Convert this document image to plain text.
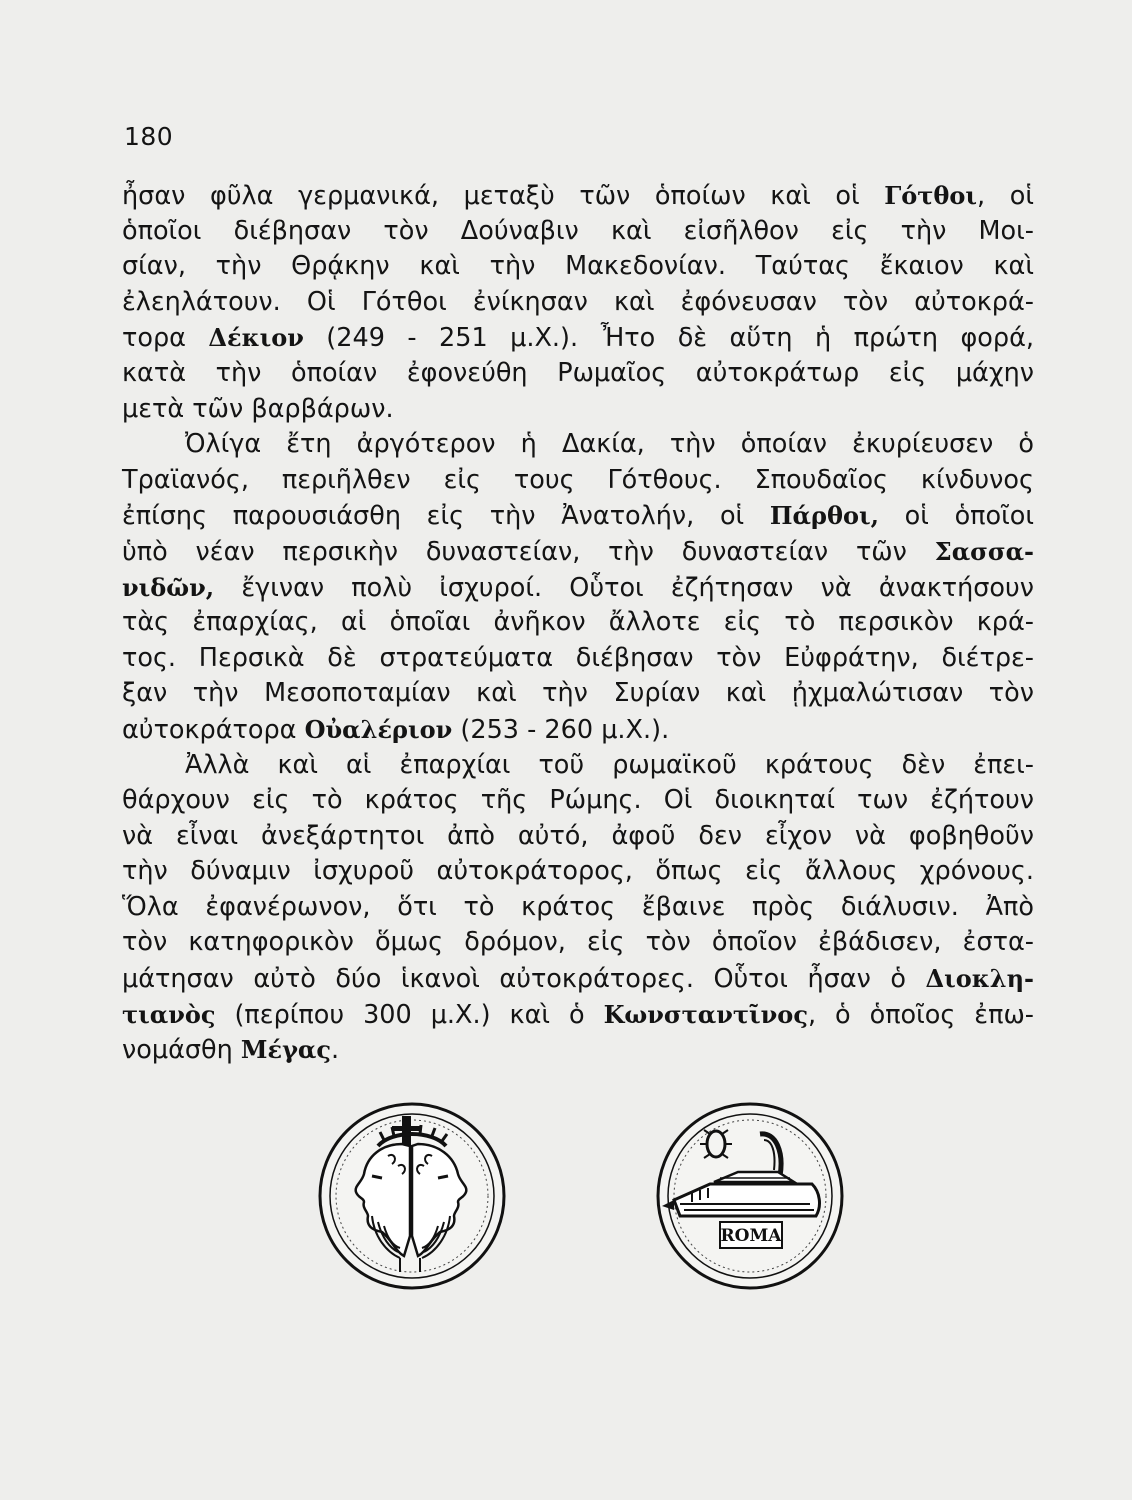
180
ἦσαν φῦλα γερμανικά, μεταξὺ τῶν ὁποίων καὶ οἱ Γότθοι, οἱ
ὁποῖοι διέβησαν τὸν Δούναβιν καὶ εἰσῆλθον εἰς τὴν Μοι-
σίαν, τὴν Θρᾴκην καὶ τὴν Μακεδονίαν. Ταύτας ἔκαιον καὶ
ἐλεηλάτουν. Οἱ Γότθοι ἐνίκησαν καὶ ἐφόνευσαν τὸν αὐτοκρά-
τορα Δέκιον (249 - 251 μ.Χ.). Ἦτο δὲ αὕτη ἡ πρώτη φορά,
κατὰ τὴν ὁποίαν ἐφονεύθη Ρωμαῖος αὐτοκράτωρ εἰς μάχην
μετὰ τῶν βαρβάρων.
Ὀλίγα ἔτη ἀργότερον ἡ Δακία, τὴν ὁποίαν ἐκυρίευσεν ὁ
Τραϊανός, περιῆλθεν εἰς τους Γότθους. Σπουδαῖος κίνδυνος
ἐπίσης παρουσιάσθη εἰς τὴν Ἀνατολήν, οἱ Πάρθοι, οἱ ὁποῖοι
ὑπὸ νέαν περσικὴν δυναστείαν, τὴν δυναστείαν τῶν Σασσα-
νιδῶν, ἔγιναν πολὺ ἰσχυροί. Οὗτοι ἐζήτησαν νὰ ἀνακτήσουν
τὰς ἐπαρχίας, αἱ ὁποῖαι ἀνῆκον ἄλλοτε εἰς τὸ περσικὸν κρά-
τος. Περσικὰ δὲ στρατεύματα διέβησαν τὸν Εὐφράτην, διέτρε-
ξαν τὴν Μεσοποταμίαν καὶ τὴν Συρίαν καὶ ᾐχμαλώτισαν τὸν
αὐτοκράτορα Οὐαλέριον (253 - 260 μ.Χ.).
Ἀλλὰ καὶ αἱ ἐπαρχίαι τοῦ ρωμαϊκοῦ κράτους δὲν ἐπει-
θάρχουν εἰς τὸ κράτος τῆς Ρώμης. Οἱ διοικηταί των ἐζήτουν
νὰ εἶναι ἀνεξάρτητοι ἀπὸ αὐτό, ἀφοῦ δεν εἶχον νὰ φοβηθοῦν
τὴν δύναμιν ἰσχυροῦ αὐτοκράτορος, ὅπως εἰς ἄλλους χρόνους.
Ὅλα ἐφανέρωνον, ὅτι τὸ κράτος ἔβαινε πρὸς διάλυσιν. Ἀπὸ
τὸν κατηφορικὸν ὅμως δρόμον, εἰς τὸν ὁποῖον ἐβάδισεν, ἐστα-
μάτησαν αὐτὸ δύο ἱκανοὶ αὐτοκράτορες. Οὗτοι ἦσαν ὁ Διοκλη-
τιανὸς (περίπου 300 μ.Χ.) καὶ ὁ Κωνσταντῖνος, ὁ ὁποῖος ἐπω-
νομάσθη Μέγας.
ROMA
